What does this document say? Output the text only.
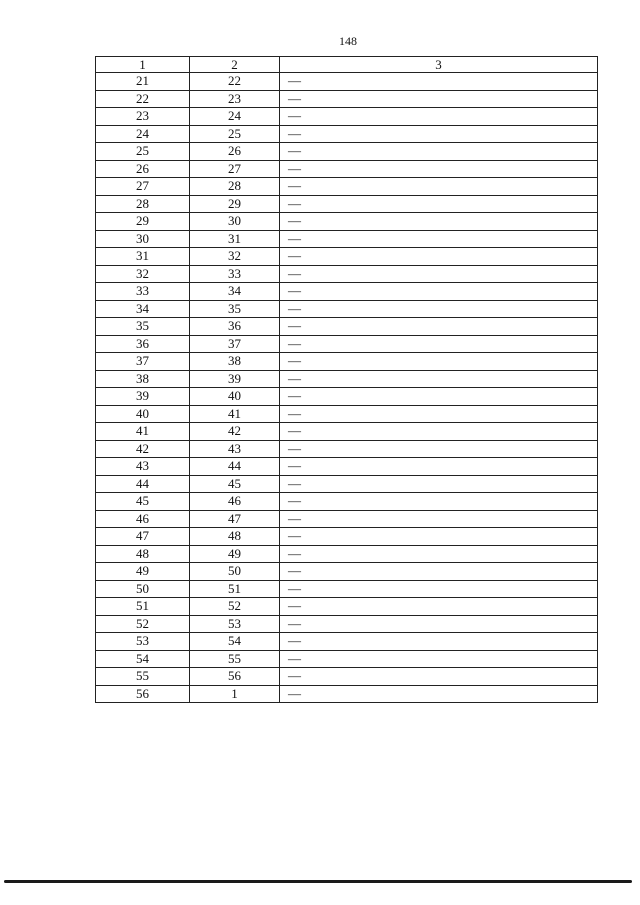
148
1	2	3
21	22	—
22	23	—
23	24	—
24	25	—
25	26	—
26	27	—
27	28	—
28	29	—
29	30	—
30	31	—
31	32	—
32	33	—
33	34	—
34	35	—
35	36	—
36	37	—
37	38	—
38	39	—
39	40	—
40	41	—
41	42	—
42	43	—
43	44	—
44	45	—
45	46	—
46	47	—
47	48	—
48	49	—
49	50	—
50	51	—
51	52	—
52	53	—
53	54	—
54	55	—
55	56	—
56	1	—
